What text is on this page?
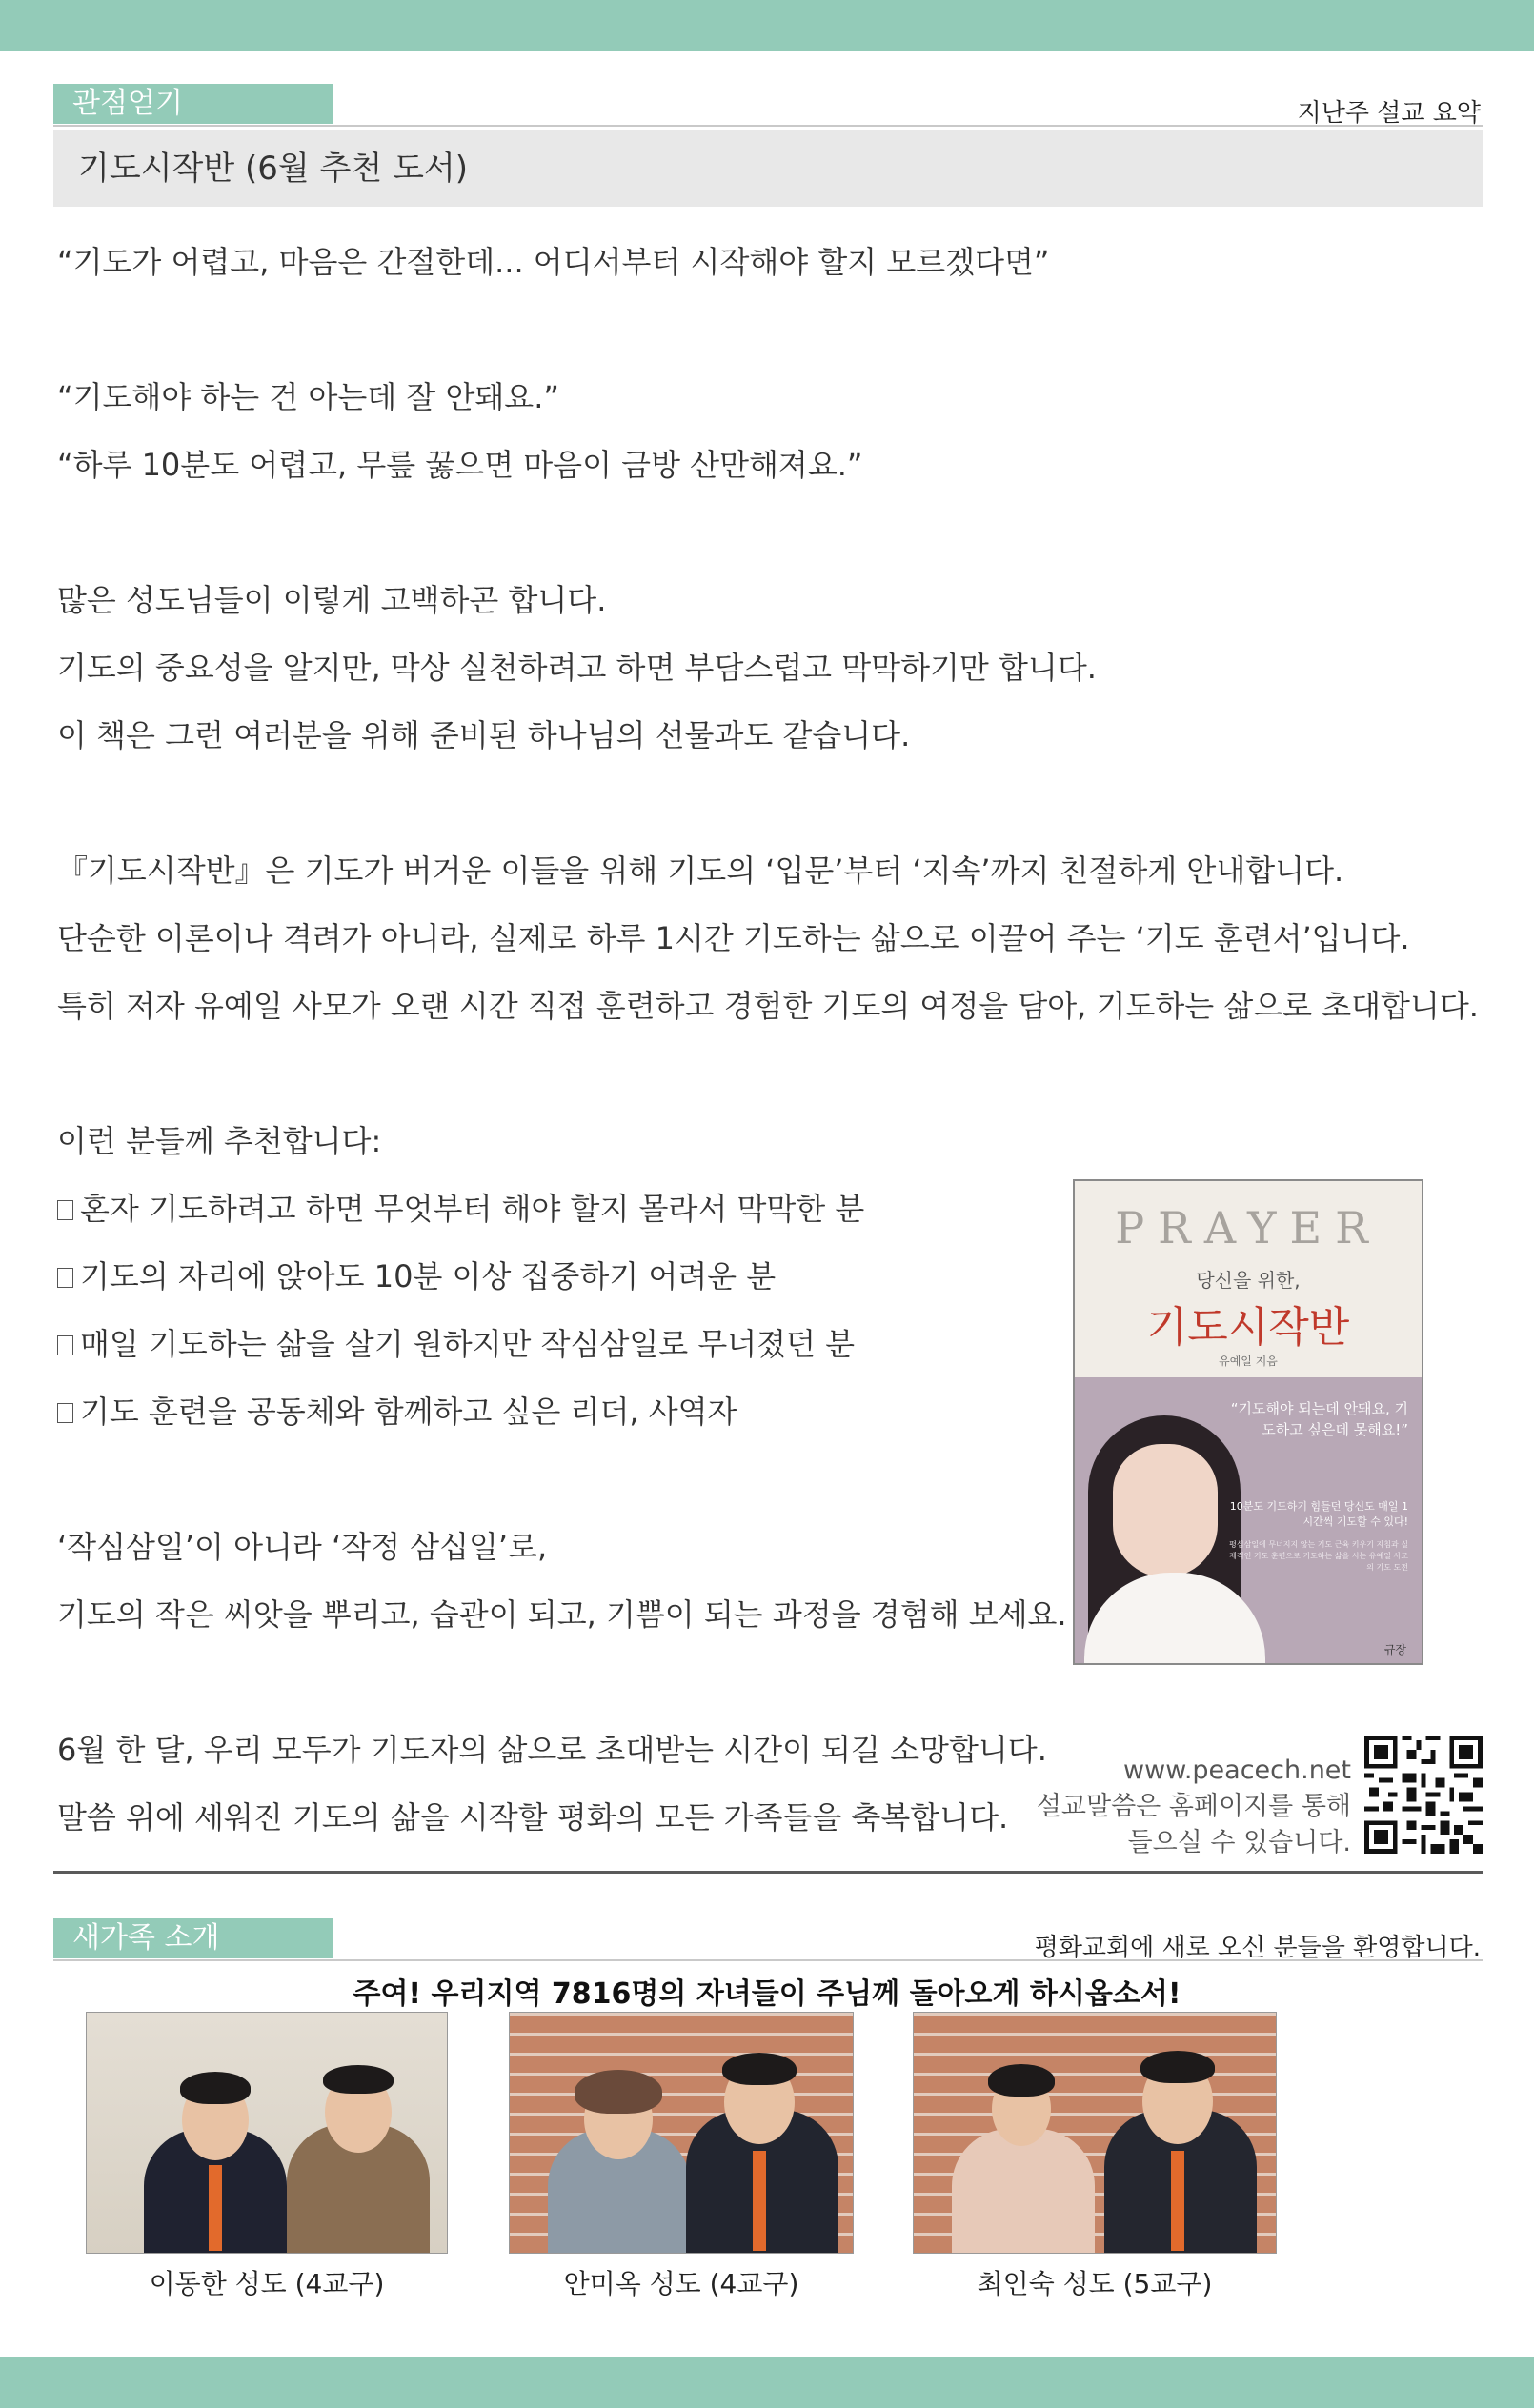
관점얻기	지난주 설교 요약
기도시작반 (6월 추천 도서)
“기도가 어렵고, 마음은 간절한데... 어디서부터 시작해야 할지 모르겠다면”
“기도해야 하는 건 아는데 잘 안돼요.”
“하루 10분도 어렵고, 무릎 꿇으면 마음이 금방 산만해져요.”
많은 성도님들이 이렇게 고백하곤 합니다.
기도의 중요성을 알지만, 막상 실천하려고 하면 부담스럽고 막막하기만 합니다.
이 책은 그런 여러분을 위해 준비된 하나님의 선물과도 같습니다.
『기도시작반』은 기도가 버거운 이들을 위해 기도의 ‘입문’부터 ‘지속’까지 친절하게 안내합니다.
단순한 이론이나 격려가 아니라, 실제로 하루 1시간 기도하는 삶으로 이끌어 주는 ‘기도 훈련서’입니다.
특히 저자 유예일 사모가 오랜 시간 직접 훈련하고 경험한 기도의 여정을 담아, 기도하는 삶으로 초대합니다.
이런 분들께 추천합니다:
혼자 기도하려고 하면 무엇부터 해야 할지 몰라서 막막한 분
기도의 자리에 앉아도 10분 이상 집중하기 어려운 분
매일 기도하는 삶을 살기 원하지만 작심삼일로 무너졌던 분
기도 훈련을 공동체와 함께하고 싶은 리더, 사역자
‘작심삼일’이 아니라 ‘작정 삼십일’로,
기도의 작은 씨앗을 뿌리고, 습관이 되고, 기쁨이 되는 과정을 경험해 보세요.
6월 한 달, 우리 모두가 기도자의 삶으로 초대받는 시간이 되길 소망합니다.
말씀 위에 세워진 기도의 삶을 시작할 평화의 모든 가족들을 축복합니다.
PRAYER
당신을 위한,
기도시작반
유예일 지음
“기도해야 되는데 안돼요, 기도하고 싶은데 못해요!”
10분도 기도하기 힘들던 당신도 매일 1시간씩 기도할 수 있다!
평심삼일에 무너지지 않는 기도 근육 키우기 지침과 실제적인 기도 훈련으로 기도하는 삶을 시는 유예일 사모의 기도 도전
규장
www.peacech.net
설교말씀은 홈페이지를 통해
들으실 수 있습니다.
새가족 소개	평화교회에 새로 오신 분들을 환영합니다.
주여! 우리지역 7816명의 자녀들이 주님께 돌아오게 하시옵소서!
이동한 성도 (4교구)	안미옥 성도 (4교구)	최인숙 성도 (5교구)
